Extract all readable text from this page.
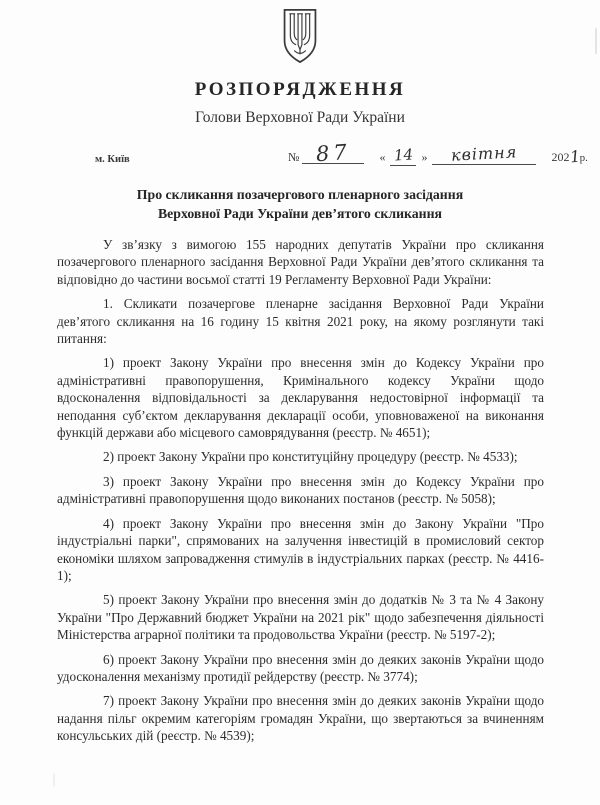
РОЗПОРЯДЖЕННЯ
Голови Верховної Ради України
м. Київ	№ 87 « 14 » квітня	2021р.
Про скликання позачергового пленарного засідання
Верховної Ради України дев’ятого скликання

У зв’язку з вимогою 155 народних депутатів України про скликання позачергового пленарного засідання Верховної Ради України дев’ятого скликання та відповідно до частини восьмої статті 19 Регламенту Верховної Ради України:

1. Скликати позачергове пленарне засідання Верховної Ради України дев’ятого скликання на 16 годину 15 квітня 2021 року, на якому розглянути такі питання:

1) проект Закону України про внесення змін до Кодексу України про адміністративні правопорушення, Кримінального кодексу України щодо вдосконалення відповідальності за декларування недостовірної інформації та неподання суб’єктом декларування декларації особи, уповноваженої на виконання функцій держави або місцевого самоврядування (реєстр. № 4651);

2) проект Закону України про конституційну процедуру (реєстр. № 4533);

3) проект Закону України про внесення змін до Кодексу України про адміністративні правопорушення щодо виконаних постанов (реєстр. № 5058);

4) проект Закону України про внесення змін до Закону України "Про індустріальні парки", спрямованих на залучення інвестицій в промисловий сектор економіки шляхом запровадження стимулів в індустріальних парках (реєстр. № 4416-1);

5) проект Закону України про внесення змін до додатків № 3 та № 4 Закону України "Про Державний бюджет України на 2021 рік" щодо забезпечення діяльності Міністерства аграрної політики та продовольства України (реєстр. № 5197-2);

6) проект Закону України про внесення змін до деяких законів України щодо удосконалення механізму протидії рейдерству (реєстр. № 3774);

7) проект Закону України про внесення змін до деяких законів України щодо надання пільг окремим категоріям громадян України, що звертаються за вчиненням консульських дій (реєстр. № 4539);
